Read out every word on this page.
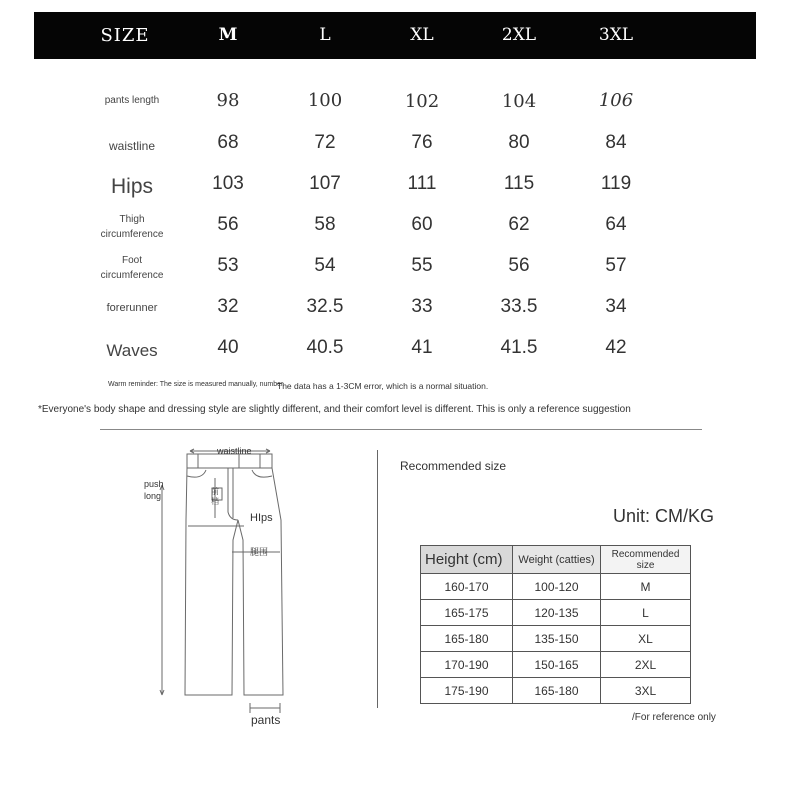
SIZE	M	L	XL	2XL	3XL
pants length	98	100	102	104	106
waistline	68	72	76	80	84
Hips	103	107	111	115	119
Thigh
circumference	56	58	60	62	64
Foot
circumference	53	54	55	56	57
forerunner	32	32.5	33	33.5	34
Waves	40	40.5	41	41.5	42
Warm reminder: The size is measured manually, number
The data has a 1-3CM error, which is a normal situation.
*Everyone's body shape and dressing style are slightly different, and their comfort level is different. This is only a reference suggestion
waistline
push
long	前
档
HIps
腿围
pants
Recommended size
Unit: CM/KG
Height (cm)	Weight (catties)	Recommended size
160-170	100-120	M
165-175	120-135	L
165-180	135-150	XL
170-190	150-165	2XL
175-190	165-180	3XL
/For reference only
